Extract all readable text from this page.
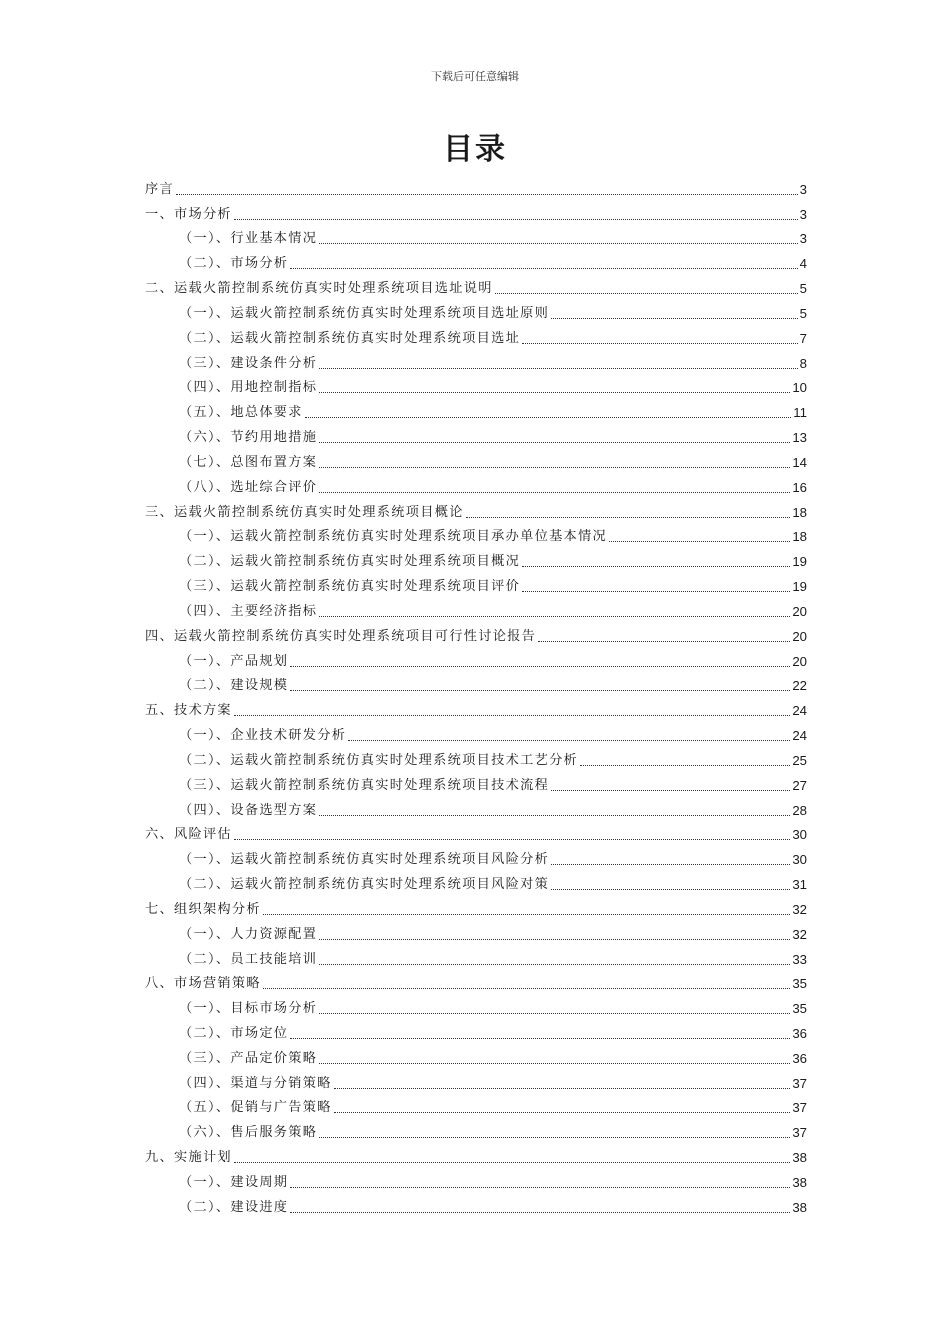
下载后可任意编辑
目录
序言	3
一、市场分析	3
（一）、行业基本情况	3
（二）、市场分析	4
二、运载火箭控制系统仿真实时处理系统项目选址说明	5
（一）、运载火箭控制系统仿真实时处理系统项目选址原则	5
（二）、运载火箭控制系统仿真实时处理系统项目选址	7
（三）、建设条件分析	8
（四）、用地控制指标	10
（五）、地总体要求	11
（六）、节约用地措施	13
（七）、总图布置方案	14
（八）、选址综合评价	16
三、运载火箭控制系统仿真实时处理系统项目概论	18
（一）、运载火箭控制系统仿真实时处理系统项目承办单位基本情况	18
（二）、运载火箭控制系统仿真实时处理系统项目概况	19
（三）、运载火箭控制系统仿真实时处理系统项目评价	19
（四）、主要经济指标	20
四、运载火箭控制系统仿真实时处理系统项目可行性讨论报告	20
（一）、产品规划	20
（二）、建设规模	22
五、技术方案	24
（一）、企业技术研发分析	24
（二）、运载火箭控制系统仿真实时处理系统项目技术工艺分析	25
（三）、运载火箭控制系统仿真实时处理系统项目技术流程	27
（四）、设备选型方案	28
六、风险评估	30
（一）、运载火箭控制系统仿真实时处理系统项目风险分析	30
（二）、运载火箭控制系统仿真实时处理系统项目风险对策	31
七、组织架构分析	32
（一）、人力资源配置	32
（二）、员工技能培训	33
八、市场营销策略	35
（一）、目标市场分析	35
（二）、市场定位	36
（三）、产品定价策略	36
（四）、渠道与分销策略	37
（五）、促销与广告策略	37
（六）、售后服务策略	37
九、实施计划	38
（一）、建设周期	38
（二）、建设进度	38
